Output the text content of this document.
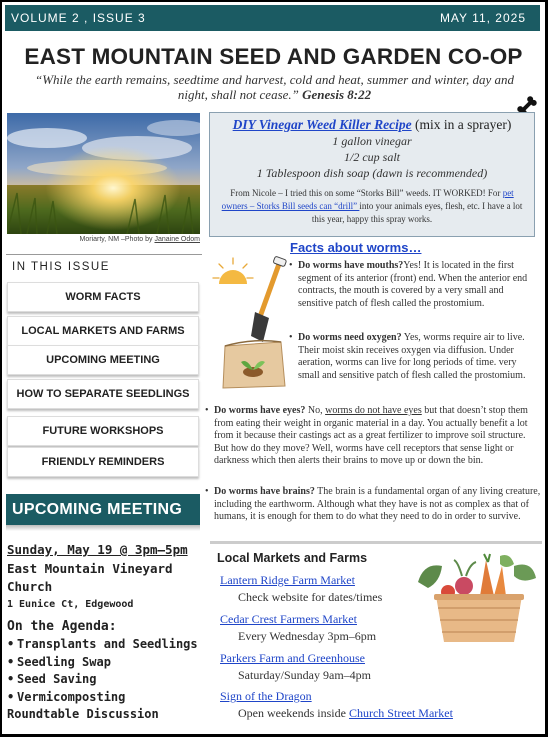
VOLUME 2 , ISSUE 3	MAY 11, 2025
EAST MOUNTAIN SEED AND GARDEN CO-OP
“While the earth remains, seedtime and harvest, cold and heat, summer and winter, day and night, shall not cease.” Genesis 8:22
Moriarty, NM –Photo by Janaine Odom
IN THIS ISSUE
WORM FACTS
LOCAL MARKETS AND FARMS
UPCOMING MEETING
HOW TO SEPARATE SEEDLINGS
FUTURE WORKSHOPS
FRIENDLY REMINDERS
UPCOMING MEETING
Sunday, May 19 @ 3pm–5pm
East Mountain Vineyard
Church
1 Eunice Ct, Edgewood
On the Agenda:
• Transplants and Seedlings
• Seedling Swap
• Seed Saving
• Vermicomposting
Roundtable Discussion
DIY Vinegar Weed Killer Recipe (mix in a sprayer)
1 gallon vinegar
1/2 cup salt
1 Tablespoon dish soap (dawn is recommended)
From Nicole – I tried this on some “Storks Bill” weeds. IT WORKED! For pet owners – Storks Bill seeds can “drill” into your animals eyes, flesh, etc. I have a lot this year, happy this spray works.
Facts about worms…
• Do worms have mouths?Yes! It is located in the first segment of its anterior (front) end. When the anterior end contracts, the mouth is covered by a very small and sensitive patch of flesh called the prostomium.
• Do worms need oxygen? Yes, worms require air to live. Their moist skin receives oxygen via diffusion. Under aeration, worms can live for long periods of time. very small and sensitive patch of flesh called the prostomium.
• Do worms have eyes? No, worms do not have eyes but that doesn’t stop them from eating their weight in organic material in a day. You actually benefit a lot from it because their castings act as a great fertilizer to improve soil structure. But how do they move? Well, worms have cell receptors that sense light or darkness which then alerts their brains to move up or down the bin.
• Do worms have brains? The brain is a fundamental organ of any living creature, including the earthworm. Although what they have is not as complex as that of humans, it is enough for them to do what they need to do in order to survive.
Local Markets and Farms
Lantern Ridge Farm Market
Check website for dates/times
Cedar Crest Farmers Market
Every Wednesday 3pm–6pm
Parkers Farm and Greenhouse
Saturday/Sunday 9am–4pm
Sign of the Dragon
Open weekends inside Church Street Market
